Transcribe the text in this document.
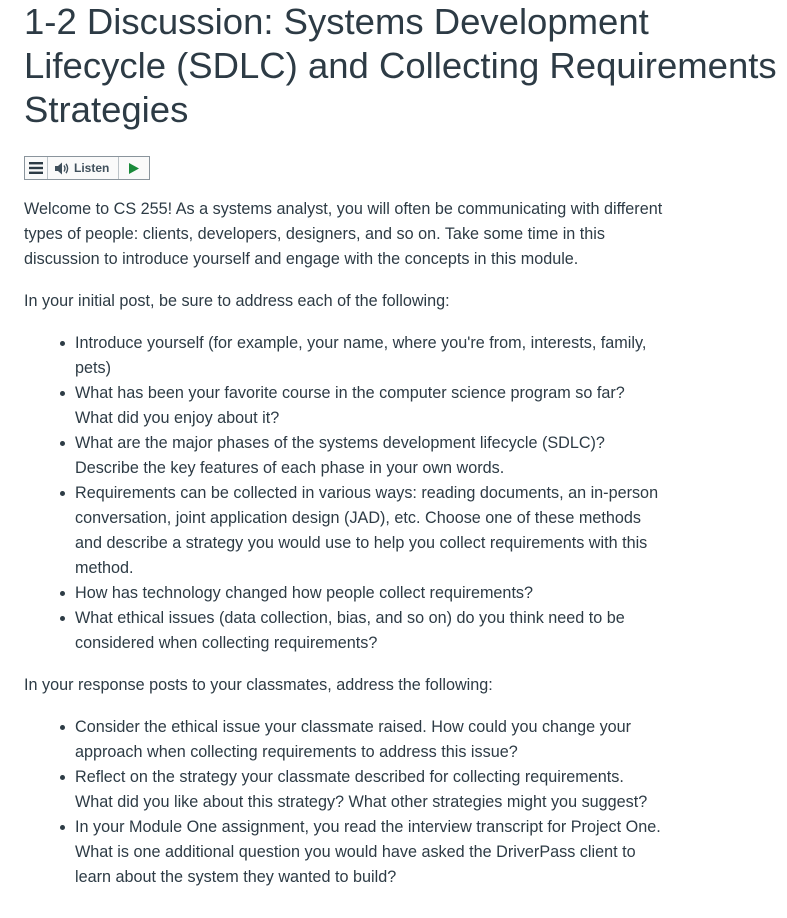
1-2 Discussion: Systems Development Lifecycle (SDLC) and Collecting Requirements Strategies
Listen

Welcome to CS 255! As a systems analyst, you will often be communicating with different types of people: clients, developers, designers, and so on. Take some time in this discussion to introduce yourself and engage with the concepts in this module.

In your initial post, be sure to address each of the following:

Introduce yourself (for example, your name, where you're from, interests, family, pets)
What has been your favorite course in the computer science program so far? What did you enjoy about it?
What are the major phases of the systems development lifecycle (SDLC)? Describe the key features of each phase in your own words.
Requirements can be collected in various ways: reading documents, an in-person conversation, joint application design (JAD), etc. Choose one of these methods and describe a strategy you would use to help you collect requirements with this method.
How has technology changed how people collect requirements?
What ethical issues (data collection, bias, and so on) do you think need to be considered when collecting requirements?

In your response posts to your classmates, address the following:

Consider the ethical issue your classmate raised. How could you change your approach when collecting requirements to address this issue?
Reflect on the strategy your classmate described for collecting requirements. What did you like about this strategy? What other strategies might you suggest?
In your Module One assignment, you read the interview transcript for Project One. What is one additional question you would have asked the DriverPass client to learn about the system they wanted to build?
